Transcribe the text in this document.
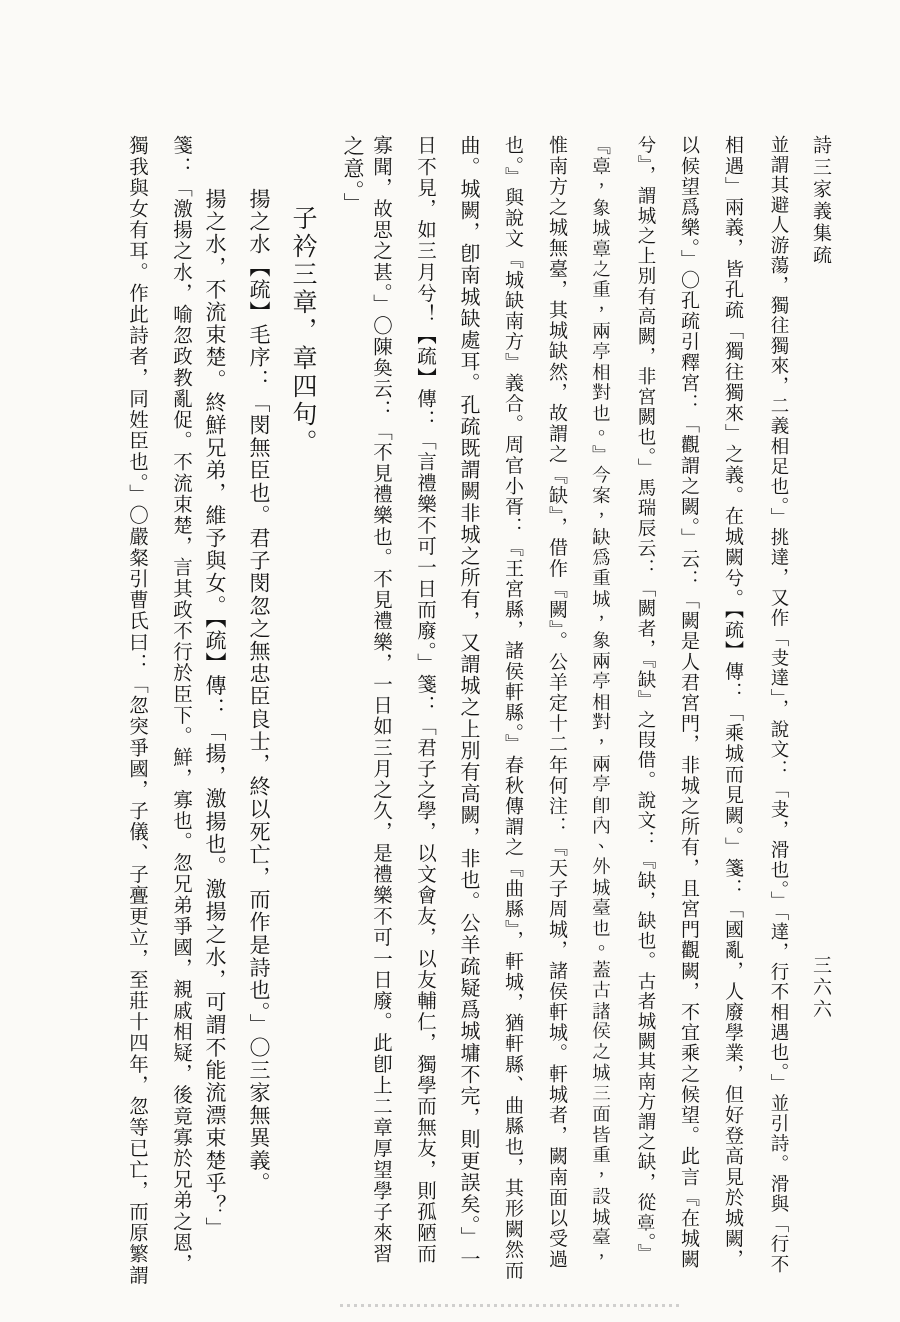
詩三家義集疏
三六六
並謂其避人游蕩，獨往獨來，二義相足也。」挑達，又作「叏達」，說文：「叏，滑也。」「達，行不相遇也。」並引詩。滑與「行不
相遇」兩義，皆孔疏「獨往獨來」之義。在城闕兮。【疏】傳：「乘城而見闕。」箋：「國亂，人廢學業，但好登高見於城闕，
以候望爲樂。」〇孔疏引釋宮：「觀謂之闕。」云：「闕是人君宮門，非城之所有，且宮門觀闕，不宜乘之候望。此言『在城闕
兮』，謂城之上別有高闕，非宮闕也。」馬瑞辰云：「闕者，『缺』之叚借。說文：『缺，缺也。古者城闕其南方謂之缺，從𩫏。』
『𩫏，象城𩫏之重，兩亭相對也。』今案，缺爲重城，象兩亭相對，兩亭卽內、外城臺也。蓋古諸侯之城三面皆重，設城臺，
惟南方之城無臺，其城缺然，故謂之『缺』，借作『闕』。公羊定十二年何注：『天子周城，諸侯軒城。軒城者，闕南面以受過
也。』與說文『城缺南方』義合。周官小胥：『王宮縣，諸侯軒縣。』春秋傳謂之『曲縣』，軒城，猶軒縣、曲縣也，其形闕然而
曲。城闕，卽南城缺處耳。孔疏既謂闕非城之所有，又謂城之上別有高闕，非也。公羊疏疑爲城墉不完，則更誤矣。」一
日不見，如三月兮！【疏】傳：「言禮樂不可一日而廢。」箋：「君子之學，以文會友，以友輔仁，獨學而無友，則孤陋而
寡聞，故思之甚。」〇陳奐云：「不見禮樂也。不見禮樂，一日如三月之久，是禮樂不可一日廢。此卽上二章厚望學子來習
之意。」
子衿三章，章四句。
揚之水【疏】毛序：「閔無臣也。君子閔忽之無忠臣良士，終以死亡，而作是詩也。」〇三家無異義。
揚之水，不流束楚。終鮮兄弟，維予與女。【疏】傳：「揚，激揚也。激揚之水，可謂不能流漂束楚乎？」
箋：「激揚之水，喻忽政教亂促。不流束楚，言其政不行於臣下。鮮，寡也。忽兄弟爭國，親戚相疑，後竟寡於兄弟之恩，
獨我與女有耳。作此詩者，同姓臣也。」〇嚴粲引曹氏曰：「忽突爭國，子儀、子亹更立，至莊十四年，忽等已亡，而原繁謂
